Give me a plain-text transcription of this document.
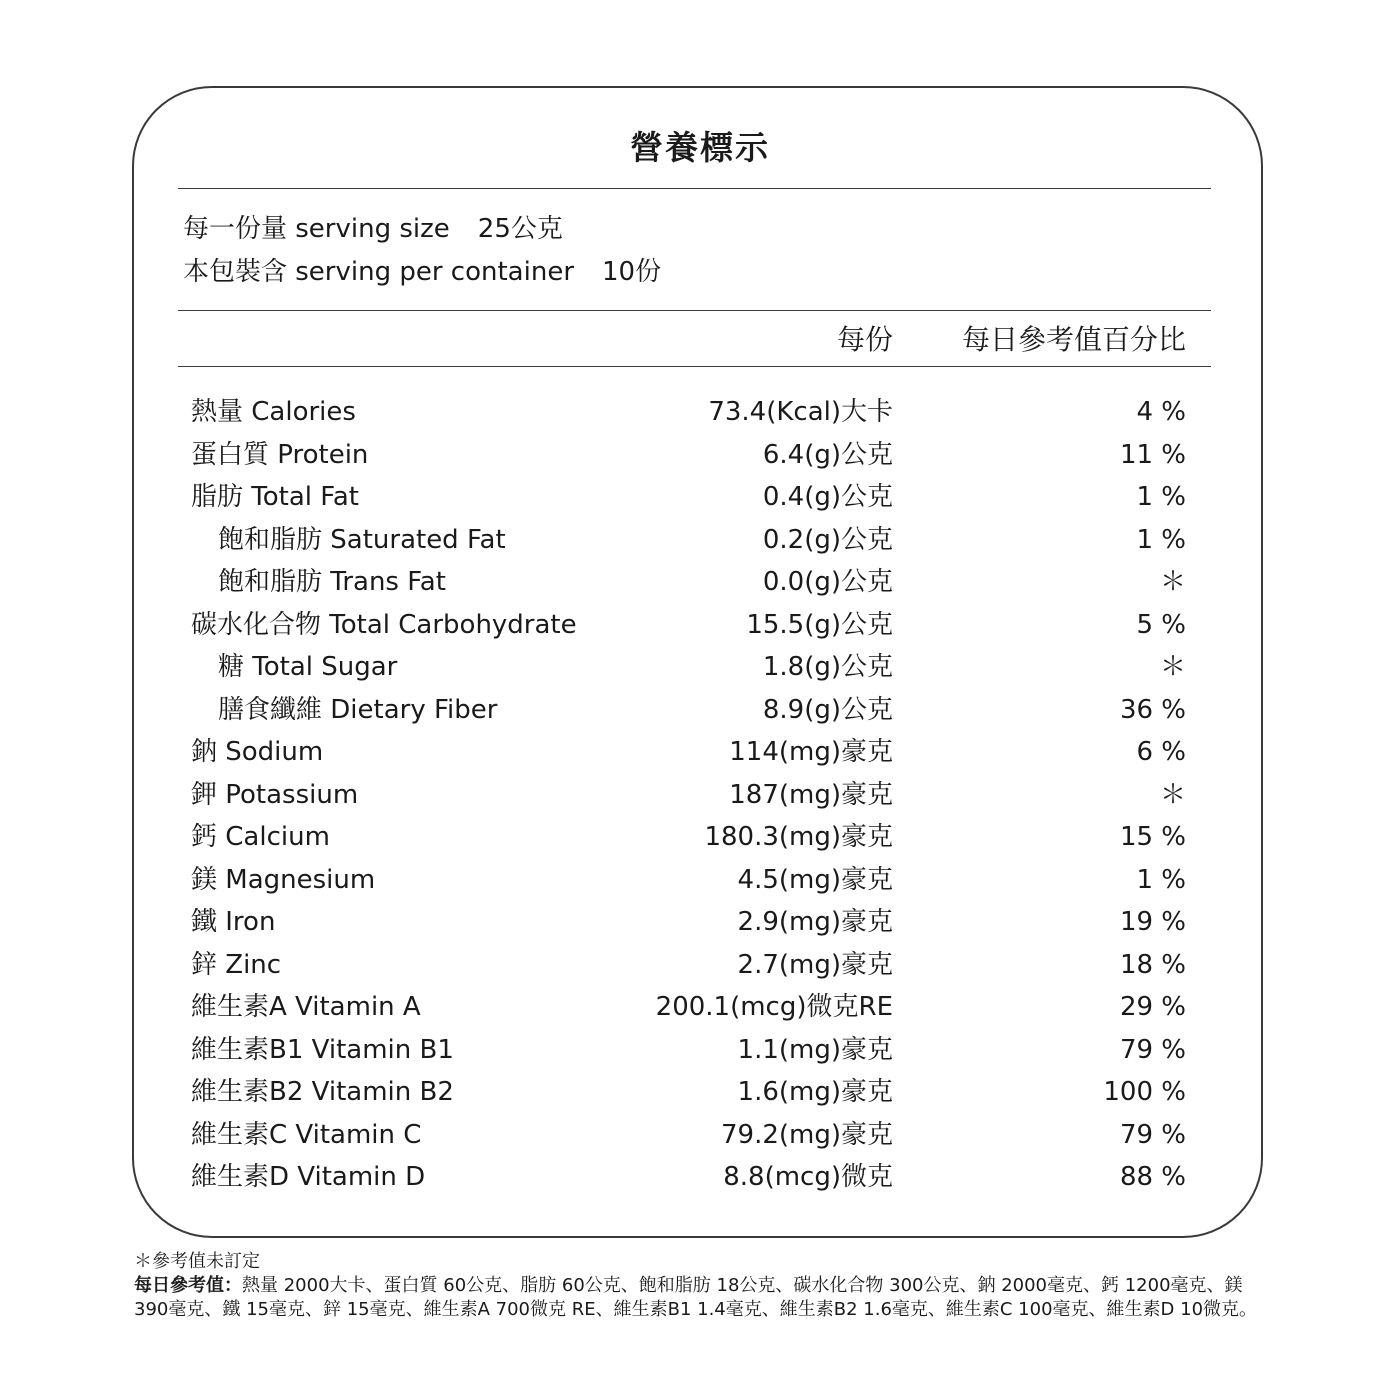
營養標示
每一份量 serving size 25公克
本包裝含 serving per container 10份
每份 每日參考值百分比
熱量 Calories	73.4(Kcal)大卡	4 %
蛋白質 Protein	6.4(g)公克	11 %
脂肪 Total Fat	0.4(g)公克	1 %
飽和脂肪 Saturated Fat	0.2(g)公克	1 %
飽和脂肪 Trans Fat	0.0(g)公克	＊
碳水化合物 Total Carbohydrate	15.5(g)公克	5 %
糖 Total Sugar	1.8(g)公克	＊
膳食纖維 Dietary Fiber	8.9(g)公克	36 %
鈉 Sodium	114(mg)豪克	6 %
鉀 Potassium	187(mg)豪克	＊
鈣 Calcium	180.3(mg)豪克	15 %
鎂 Magnesium	4.5(mg)豪克	1 %
鐵 Iron	2.9(mg)豪克	19 %
鋅 Zinc	2.7(mg)豪克	18 %
維生素A Vitamin A	200.1(mcg)微克RE	29 %
維生素B1 Vitamin B1	1.1(mg)豪克	79 %
維生素B2 Vitamin B2	1.6(mg)豪克	100 %
維生素C Vitamin C	79.2(mg)豪克	79 %
維生素D Vitamin D	8.8(mcg)微克	88 %
＊參考值未訂定
每日參考值：熱量 2000大卡、蛋白質 60公克、脂肪 60公克、飽和脂肪 18公克、碳水化合物 300公克、鈉 2000毫克、鈣 1200毫克、鎂 390毫克、鐵 15毫克、鋅 15毫克、維生素A 700微克 RE、維生素B1 1.4毫克、維生素B2 1.6毫克、維生素C 100毫克、維生素D 10微克。
